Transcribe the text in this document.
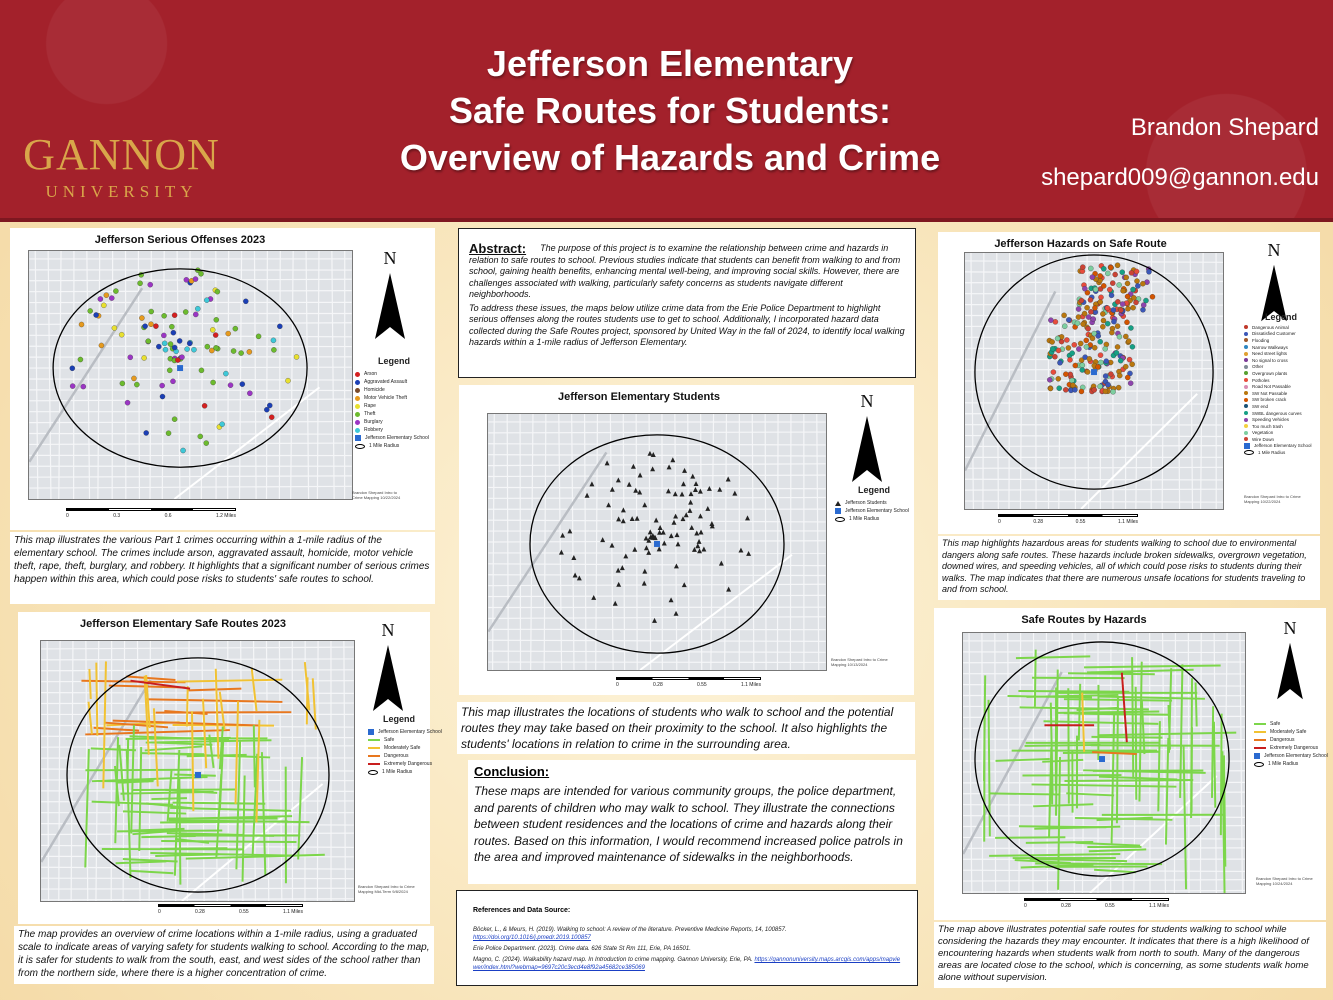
GANNON
UNIVERSITY
Jefferson Elementary
Safe Routes for Students:
Overview of Hazards and Crime
Brandon Shepard
shepard009@gannon.edu
Jefferson Serious Offenses 2023
N
Legend
Arson
Aggravated Assault
Homicide
Motor Vehicle Theft
Rape
Theft
Burglary
Robbery
Jefferson Elementary School
1 Mile Radius
Brandon Shepard Intro to Crime Mapping 10/22/2024
0	0.3	0.6	1.2 Miles
This map illustrates the various Part 1 crimes occurring within a 1-mile radius of the elementary school. The crimes include arson, aggravated assault, homicide, motor vehicle theft, rape, theft, burglary, and robbery. It highlights that a significant number of serious crimes happen within this area, which could pose risks to students' safe routes to school.
Jefferson Elementary Safe Routes 2023	N
Legend
Jefferson Elementary School
Safe
Moderately Safe
Dangerous
Extremely Dangerous
1 Mile Radius
Brandon Shepard Intro to Crime Mapping Mid-Term 9/8/2024
0	0.28	0.55	1.1 Miles
The map provides an overview of crime locations within a 1-mile radius, using a graduated scale to indicate areas of varying safety for students walking to school. According to the map, it is safer for students to walk from the south, east, and west sides of the school rather than from the northern side, where there is a higher concentration of crime.
Abstract: The purpose of this project is to examine the relationship between crime and hazards in relation to safe routes to school. Previous studies indicate that students can benefit from walking to and from school, gaining health benefits, enhancing mental well-being, and improving social skills. However, there are challenges associated with walking, particularly safety concerns as students navigate different neighborhoods.
To address these issues, the maps below utilize crime data from the Erie Police Department to highlight serious offenses along the routes students use to get to school. Additionally, I incorporated hazard data collected during the Safe Routes project, sponsored by United Way in the fall of 2024, to identify local walking hazards within a 1-mile radius of Jefferson Elementary.
Jefferson Elementary Students	N
Legend
Jefferson Students
Jefferson Elementary School
1 Mile Radius
Brandon Shepard Intro to Crime Mapping 10/13/2024
0	0.28	0.55	1.1 Miles
This map illustrates the locations of students who walk to school and the potential routes they may take based on their proximity to the school. It also highlights the students' locations in relation to crime in the surrounding area.
Conclusion:
These maps are intended for various community groups, the police department, and parents of children who may walk to school. They illustrate the connections between student residences and the locations of crime and hazards along their routes. Based on this information, I would recommend increased police patrols in the area and improved maintenance of sidewalks in the neighborhoods.
References and Data Source:
Böcker, L., & Meurs, H. (2019). Walking to school: A review of the literature. Preventive Medicine Reports, 14, 100857. https://doi.org/10.1016/j.pmedr.2019.100857
Erie Police Department. (2023). Crime data. 626 State St Rm 111, Erie, PA 16501.
Magno, C. (2024). Walkability hazard map. In Introduction to crime mapping. Gannon University, Erie, PA. https://gannonuniversity.maps.arcgis.com/apps/mapviewer/index.html?webmap=9697c20c3ecd4e8f92a45682ce385069
Jefferson Hazards on Safe Route	N
Legend
Dangerous Animal
Dissatisfied Customer
Flooding
Narrow Walkways
Need street lights
No signal to cross
Other
Overgrown plants
Potholes
Road Not Passable
SW Not Passable
SW broken crack
SW end
SWBL dangerous curves
Speeding Vehicles
Too much trash
Vegetation
Wire Down
Jefferson Elementary School
1 Mile Radius
Brandon Shepard Intro to Crime Mapping 10/22/2024
0	0.28	0.55	1.1 Miles
This map highlights hazardous areas for students walking to school due to environmental dangers along safe routes. These hazards include broken sidewalks, overgrown vegetation, downed wires, and speeding vehicles, all of which could pose risks to students during their walks. The map indicates that there are numerous unsafe locations for students traveling to and from school.
Safe Routes by Hazards	N
Safe
Moderately Safe
Dangerous
Extremely Dangerous
Jefferson Elementary School
1 Mile Radius
Brandon Shepard Intro to Crime Mapping 10/24/2024
0	0.28	0.55	1.1 Miles
The map above illustrates potential safe routes for students walking to school while considering the hazards they may encounter. It indicates that there is a high likelihood of encountering hazards when students walk from north to south. Many of the dangerous areas are located close to the school, which is concerning, as some students walk home alone without supervision.
